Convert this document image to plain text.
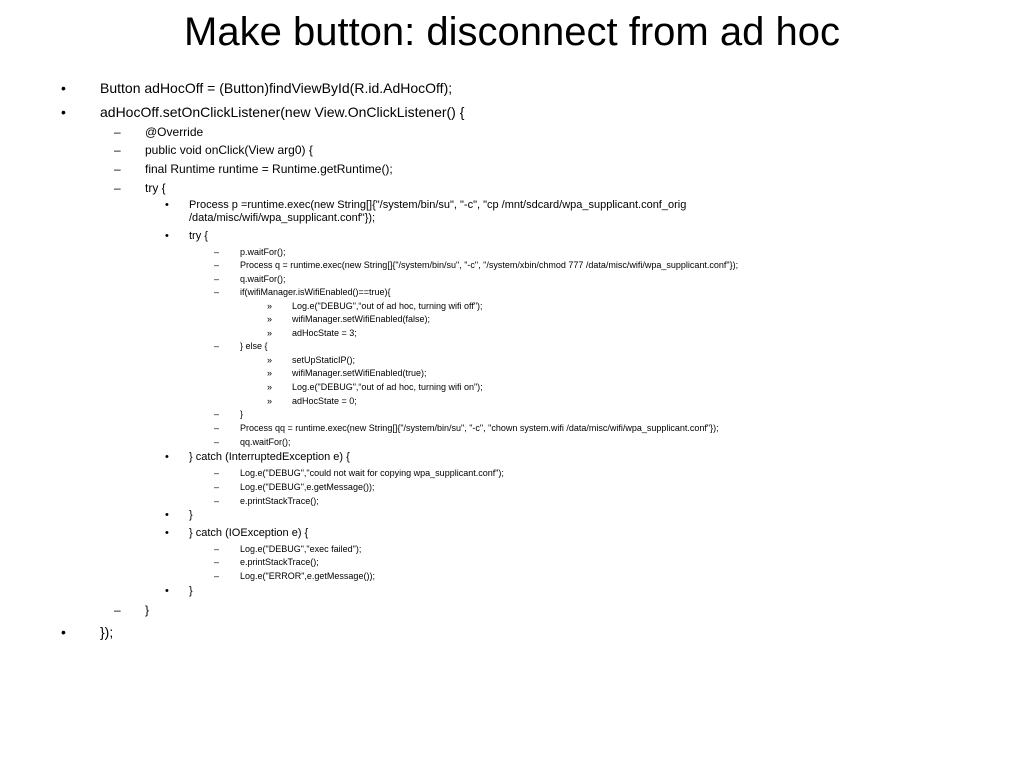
Make button: disconnect from ad hoc
• Button adHocOff = (Button)findViewById(R.id.AdHocOff);
• adHocOff.setOnClickListener(new View.OnClickListener() {
– @Override
– public void onClick(View arg0) {
– final Runtime runtime = Runtime.getRuntime();
– try {
• Process p =runtime.exec(new String[]{"/system/bin/su", "-c", "cp /mnt/sdcard/wpa_supplicant.conf_orig
/data/misc/wifi/wpa_supplicant.conf"});
• try {
– p.waitFor();
– Process q = runtime.exec(new String[]{"/system/bin/su", "-c", "/system/xbin/chmod 777 /data/misc/wifi/wpa_supplicant.conf"});
– q.waitFor();
– if(wifiManager.isWifiEnabled()==true){
» Log.e("DEBUG",“out of ad hoc, turning wifi off");
» wifiManager.setWifiEnabled(false);
» adHocState = 3;
– } else {
» setUpStaticIP();
» wifiManager.setWifiEnabled(true);
» Log.e("DEBUG",“out of ad hoc, turning wifi on");
» adHocState = 0;
– }
– Process qq = runtime.exec(new String[]{"/system/bin/su", "-c", "chown system.wifi /data/misc/wifi/wpa_supplicant.conf"});
– qq.waitFor();
• } catch (InterruptedException e) {
– Log.e("DEBUG","could not wait for copying wpa_supplicant.conf");
– Log.e("DEBUG",e.getMessage());
– e.printStackTrace();
• }
• } catch (IOException e) {
– Log.e("DEBUG","exec failed");
– e.printStackTrace();
– Log.e("ERROR",e.getMessage());
• }
– }
• });
